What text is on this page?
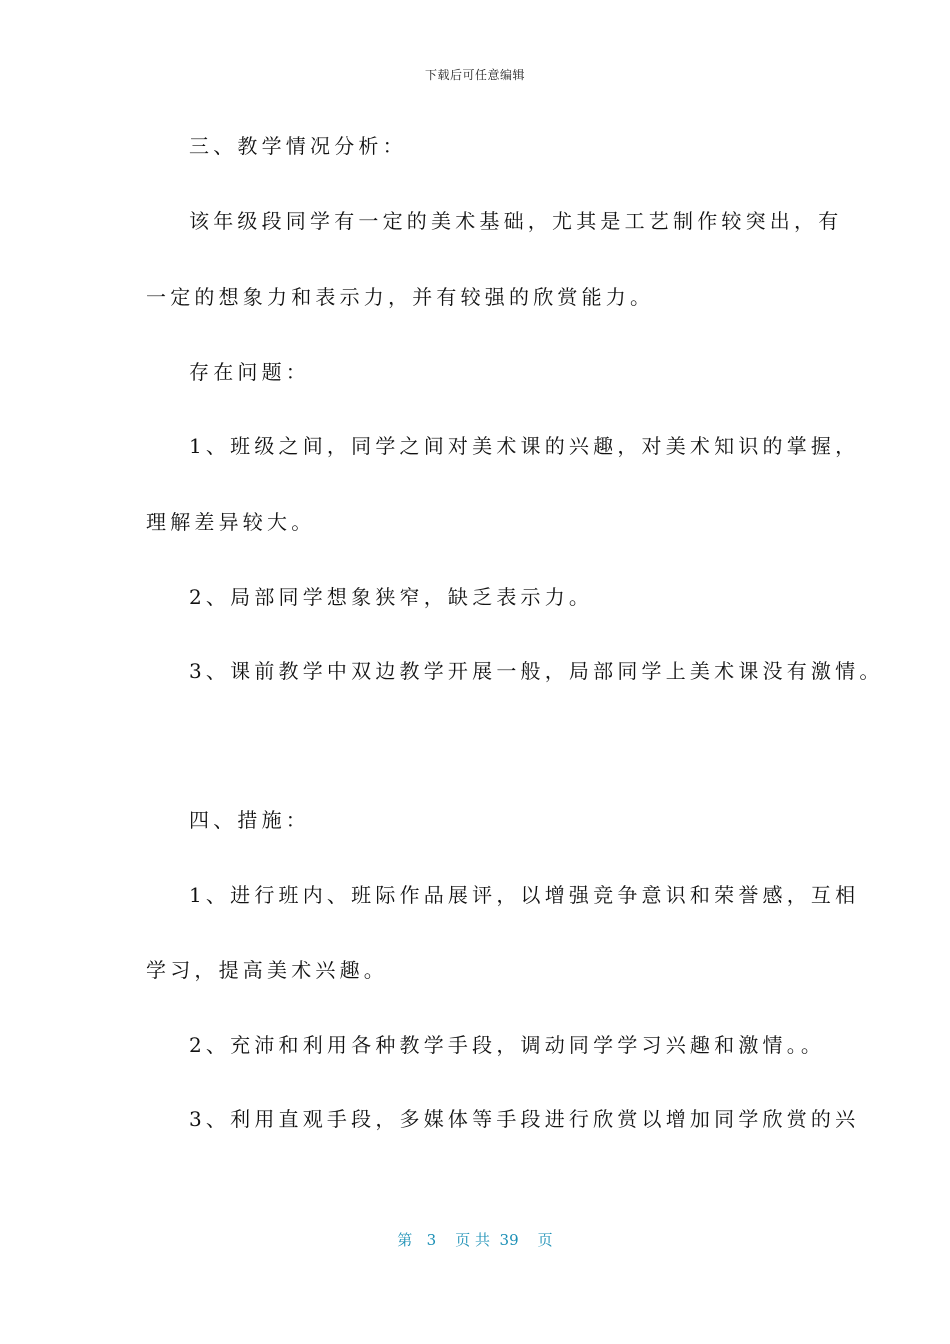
下载后可任意编辑
三、教学情况分析：
该年级段同学有一定的美术基础，尤其是工艺制作较突出，有
一定的想象力和表示力，并有较强的欣赏能力。
存在问题：
1、班级之间，同学之间对美术课的兴趣，对美术知识的掌握，
理解差异较大。
2、局部同学想象狭窄，缺乏表示力。
3、课前教学中双边教学开展一般，局部同学上美术课没有激情。
四、措施：
1、进行班内、班际作品展评，以增强竞争意识和荣誉感，互相
学习，提高美术兴趣。
2、充沛和利用各种教学手段，调动同学学习兴趣和激情。。
3、利用直观手段，多媒体等手段进行欣赏以增加同学欣赏的兴
第   3    页 共  39    页
